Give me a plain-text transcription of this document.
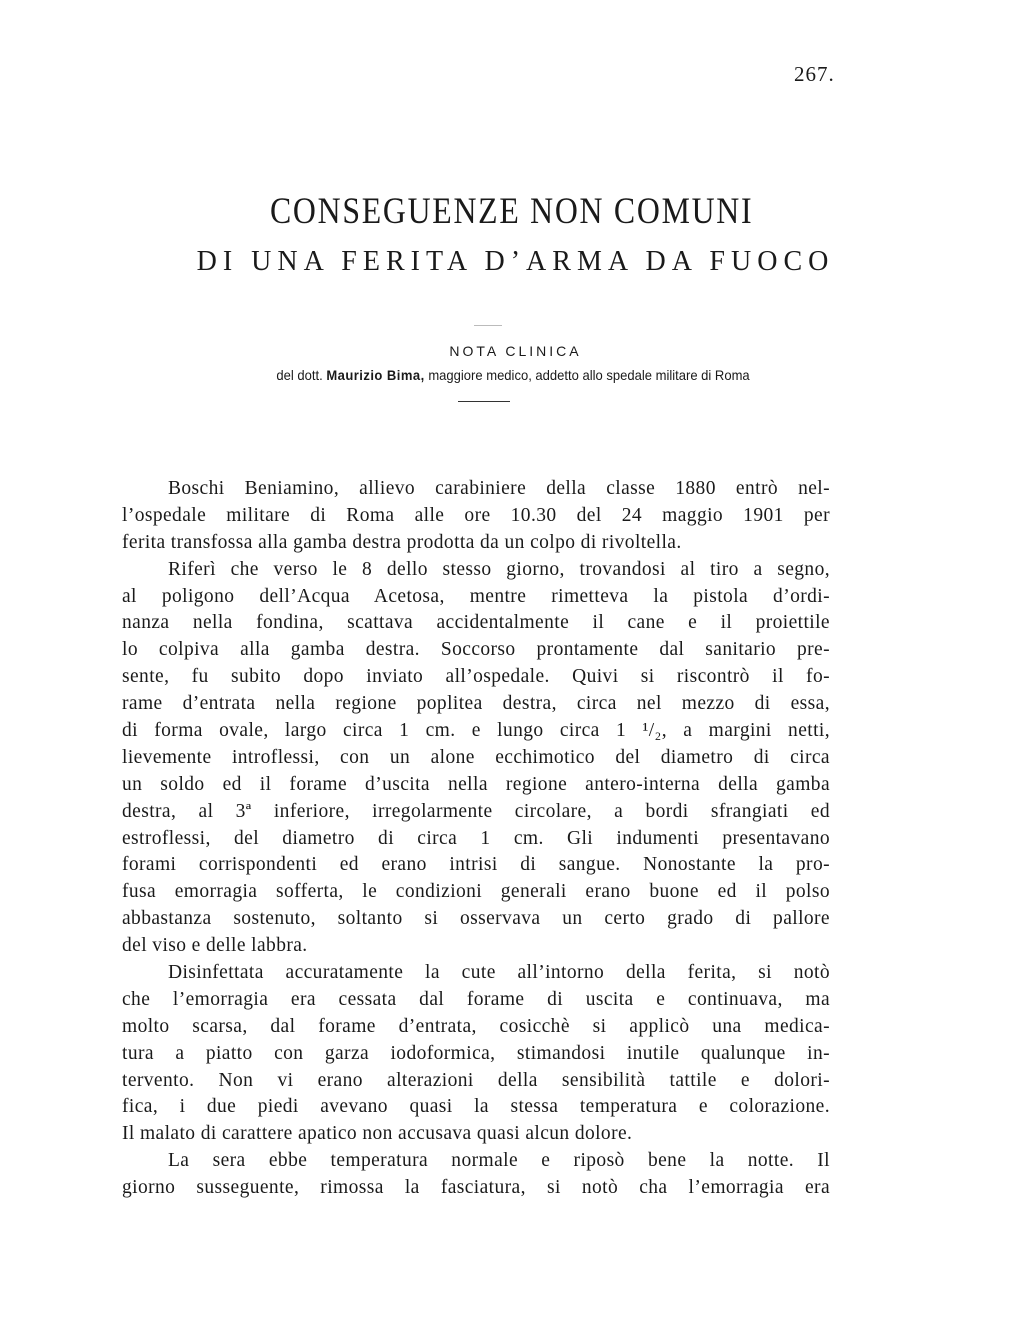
267.
CONSEGUENZE NON COMUNI
DI UNA FERITA D’ARMA DA FUOCO
NOTA CLINICA
del dott. Maurizio Bima, maggiore medico, addetto allo spedale militare di Roma
Boschi Beniamino, allievo carabiniere della classe 1880 entrò nel-
l’ospedale militare di Roma alle ore 10.30 del 24 maggio 1901 per
ferita transfossa alla gamba destra prodotta da un colpo di rivoltella.
Riferì che verso le 8 dello stesso giorno, trovandosi al tiro a segno,
al poligono dell’Acqua Acetosa, mentre rimetteva la pistola d’ordi-
nanza nella fondina, scattava accidentalmente il cane e il proiettile
lo colpiva alla gamba destra. Soccorso prontamente dal sanitario pre-
sente, fu subito dopo inviato all’ospedale. Quivi si riscontrò il fo-
rame d’entrata nella regione poplitea destra, circa nel mezzo di essa,
di forma ovale, largo circa 1 cm. e lungo circa 1 ¹/₂, a margini netti,
lievemente introflessi, con un alone ecchimotico del diametro di circa
un soldo ed il forame d’uscita nella regione antero-interna della gamba
destra, al 3ª inferiore, irregolarmente circolare, a bordi sfrangiati ed
estroflessi, del diametro di circa 1 cm. Gli indumenti presentavano
forami corrispondenti ed erano intrisi di sangue. Nonostante la pro-
fusa emorragia sofferta, le condizioni generali erano buone ed il polso
abbastanza sostenuto, soltanto si osservava un certo grado di pallore
del viso e delle labbra.
Disinfettata accuratamente la cute all’intorno della ferita, si notò
che l’emorragia era cessata dal forame di uscita e continuava, ma
molto scarsa, dal forame d’entrata, cosicchè si applicò una medica-
tura a piatto con garza iodoformica, stimandosi inutile qualunque in-
tervento. Non vi erano alterazioni della sensibilità tattile e dolori-
fica, i due piedi avevano quasi la stessa temperatura e colorazione.
Il malato di carattere apatico non accusava quasi alcun dolore.
La sera ebbe temperatura normale e riposò bene la notte. Il
giorno susseguente, rimossa la fasciatura, si notò cha l’emorragia era
